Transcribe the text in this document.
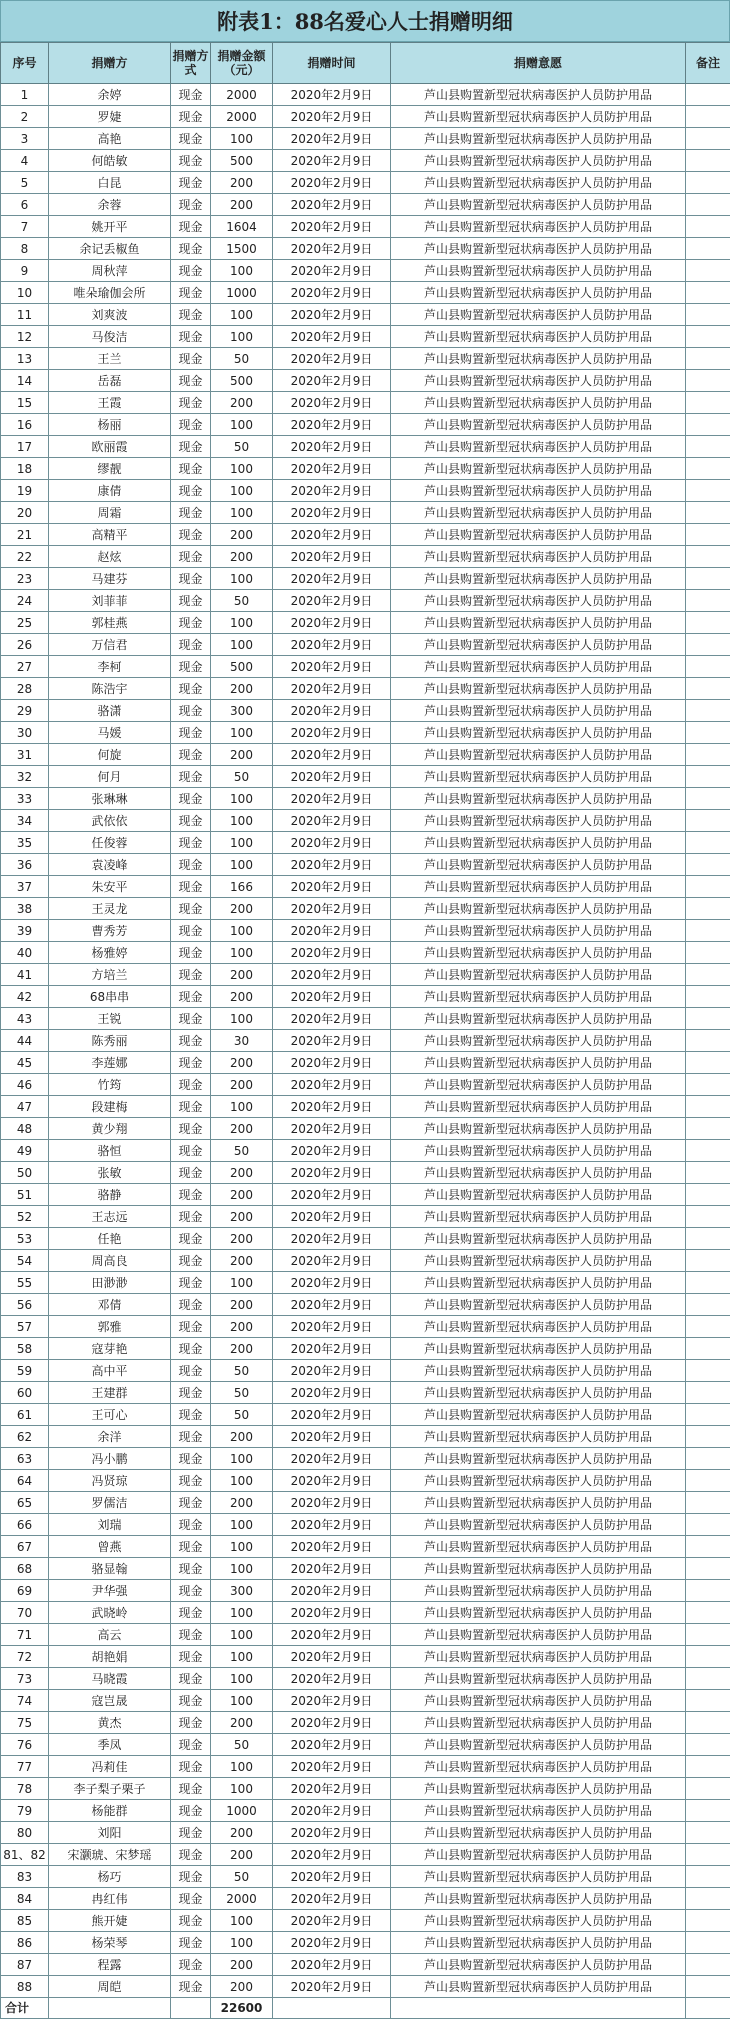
附表1：88名爱心人士捐赠明细
序号	捐赠方	捐赠方式	捐赠金额（元）	捐赠时间	捐赠意愿	备注
1	余婷	现金	2000	2020年2月9日	芦山县购置新型冠状病毒医护人员防护用品	
2	罗婕	现金	2000	2020年2月9日	芦山县购置新型冠状病毒医护人员防护用品	
3	高艳	现金	100	2020年2月9日	芦山县购置新型冠状病毒医护人员防护用品	
4	何皓敏	现金	500	2020年2月9日	芦山县购置新型冠状病毒医护人员防护用品	
5	白昆	现金	200	2020年2月9日	芦山县购置新型冠状病毒医护人员防护用品	
6	余蓉	现金	200	2020年2月9日	芦山县购置新型冠状病毒医护人员防护用品	
7	姚开平	现金	1604	2020年2月9日	芦山县购置新型冠状病毒医护人员防护用品	
8	余记丢椒鱼	现金	1500	2020年2月9日	芦山县购置新型冠状病毒医护人员防护用品	
9	周秋萍	现金	100	2020年2月9日	芦山县购置新型冠状病毒医护人员防护用品	
10	唯朵瑜伽会所	现金	1000	2020年2月9日	芦山县购置新型冠状病毒医护人员防护用品	
11	刘爽波	现金	100	2020年2月9日	芦山县购置新型冠状病毒医护人员防护用品	
12	马俊洁	现金	100	2020年2月9日	芦山县购置新型冠状病毒医护人员防护用品	
13	王兰	现金	50	2020年2月9日	芦山县购置新型冠状病毒医护人员防护用品	
14	岳磊	现金	500	2020年2月9日	芦山县购置新型冠状病毒医护人员防护用品	
15	王霞	现金	200	2020年2月9日	芦山县购置新型冠状病毒医护人员防护用品	
16	杨丽	现金	100	2020年2月9日	芦山县购置新型冠状病毒医护人员防护用品	
17	欧丽霞	现金	50	2020年2月9日	芦山县购置新型冠状病毒医护人员防护用品	
18	缪靓	现金	100	2020年2月9日	芦山县购置新型冠状病毒医护人员防护用品	
19	康倩	现金	100	2020年2月9日	芦山县购置新型冠状病毒医护人员防护用品	
20	周霜	现金	100	2020年2月9日	芦山县购置新型冠状病毒医护人员防护用品	
21	高精平	现金	200	2020年2月9日	芦山县购置新型冠状病毒医护人员防护用品	
22	赵炫	现金	200	2020年2月9日	芦山县购置新型冠状病毒医护人员防护用品	
23	马建芬	现金	100	2020年2月9日	芦山县购置新型冠状病毒医护人员防护用品	
24	刘菲菲	现金	50	2020年2月9日	芦山县购置新型冠状病毒医护人员防护用品	
25	郭桂燕	现金	100	2020年2月9日	芦山县购置新型冠状病毒医护人员防护用品	
26	万信君	现金	100	2020年2月9日	芦山县购置新型冠状病毒医护人员防护用品	
27	李柯	现金	500	2020年2月9日	芦山县购置新型冠状病毒医护人员防护用品	
28	陈浩宇	现金	200	2020年2月9日	芦山县购置新型冠状病毒医护人员防护用品	
29	骆潇	现金	300	2020年2月9日	芦山县购置新型冠状病毒医护人员防护用品	
30	马媛	现金	100	2020年2月9日	芦山县购置新型冠状病毒医护人员防护用品	
31	何旋	现金	200	2020年2月9日	芦山县购置新型冠状病毒医护人员防护用品	
32	何月	现金	50	2020年2月9日	芦山县购置新型冠状病毒医护人员防护用品	
33	张琳琳	现金	100	2020年2月9日	芦山县购置新型冠状病毒医护人员防护用品	
34	武依依	现金	100	2020年2月9日	芦山县购置新型冠状病毒医护人员防护用品	
35	任俊蓉	现金	100	2020年2月9日	芦山县购置新型冠状病毒医护人员防护用品	
36	袁凌峰	现金	100	2020年2月9日	芦山县购置新型冠状病毒医护人员防护用品	
37	朱安平	现金	166	2020年2月9日	芦山县购置新型冠状病毒医护人员防护用品	
38	王灵龙	现金	200	2020年2月9日	芦山县购置新型冠状病毒医护人员防护用品	
39	曹秀芳	现金	100	2020年2月9日	芦山县购置新型冠状病毒医护人员防护用品	
40	杨雅婷	现金	100	2020年2月9日	芦山县购置新型冠状病毒医护人员防护用品	
41	方培兰	现金	200	2020年2月9日	芦山县购置新型冠状病毒医护人员防护用品	
42	68串串	现金	200	2020年2月9日	芦山县购置新型冠状病毒医护人员防护用品	
43	王锐	现金	100	2020年2月9日	芦山县购置新型冠状病毒医护人员防护用品	
44	陈秀丽	现金	30	2020年2月9日	芦山县购置新型冠状病毒医护人员防护用品	
45	李莲娜	现金	200	2020年2月9日	芦山县购置新型冠状病毒医护人员防护用品	
46	竹筠	现金	200	2020年2月9日	芦山县购置新型冠状病毒医护人员防护用品	
47	段建梅	现金	100	2020年2月9日	芦山县购置新型冠状病毒医护人员防护用品	
48	黄少翔	现金	200	2020年2月9日	芦山县购置新型冠状病毒医护人员防护用品	
49	骆恒	现金	50	2020年2月9日	芦山县购置新型冠状病毒医护人员防护用品	
50	张敏	现金	200	2020年2月9日	芦山县购置新型冠状病毒医护人员防护用品	
51	骆静	现金	200	2020年2月9日	芦山县购置新型冠状病毒医护人员防护用品	
52	王志远	现金	200	2020年2月9日	芦山县购置新型冠状病毒医护人员防护用品	
53	任艳	现金	200	2020年2月9日	芦山县购置新型冠状病毒医护人员防护用品	
54	周高良	现金	200	2020年2月9日	芦山县购置新型冠状病毒医护人员防护用品	
55	田渺渺	现金	100	2020年2月9日	芦山县购置新型冠状病毒医护人员防护用品	
56	邓倩	现金	200	2020年2月9日	芦山县购置新型冠状病毒医护人员防护用品	
57	郭雅	现金	200	2020年2月9日	芦山县购置新型冠状病毒医护人员防护用品	
58	寇芽艳	现金	200	2020年2月9日	芦山县购置新型冠状病毒医护人员防护用品	
59	高中平	现金	50	2020年2月9日	芦山县购置新型冠状病毒医护人员防护用品	
60	王建群	现金	50	2020年2月9日	芦山县购置新型冠状病毒医护人员防护用品	
61	王可心	现金	50	2020年2月9日	芦山县购置新型冠状病毒医护人员防护用品	
62	余洋	现金	200	2020年2月9日	芦山县购置新型冠状病毒医护人员防护用品	
63	冯小鹏	现金	100	2020年2月9日	芦山县购置新型冠状病毒医护人员防护用品	
64	冯贤琼	现金	100	2020年2月9日	芦山县购置新型冠状病毒医护人员防护用品	
65	罗儒洁	现金	200	2020年2月9日	芦山县购置新型冠状病毒医护人员防护用品	
66	刘瑞	现金	100	2020年2月9日	芦山县购置新型冠状病毒医护人员防护用品	
67	曾燕	现金	100	2020年2月9日	芦山县购置新型冠状病毒医护人员防护用品	
68	骆显翰	现金	100	2020年2月9日	芦山县购置新型冠状病毒医护人员防护用品	
69	尹华强	现金	300	2020年2月9日	芦山县购置新型冠状病毒医护人员防护用品	
70	武晓岭	现金	100	2020年2月9日	芦山县购置新型冠状病毒医护人员防护用品	
71	高云	现金	100	2020年2月9日	芦山县购置新型冠状病毒医护人员防护用品	
72	胡艳娟	现金	100	2020年2月9日	芦山县购置新型冠状病毒医护人员防护用品	
73	马晓霞	现金	100	2020年2月9日	芦山县购置新型冠状病毒医护人员防护用品	
74	寇岂晟	现金	100	2020年2月9日	芦山县购置新型冠状病毒医护人员防护用品	
75	黄杰	现金	200	2020年2月9日	芦山县购置新型冠状病毒医护人员防护用品	
76	季凤	现金	50	2020年2月9日	芦山县购置新型冠状病毒医护人员防护用品	
77	冯莉佳	现金	100	2020年2月9日	芦山县购置新型冠状病毒医护人员防护用品	
78	李子梨子栗子	现金	100	2020年2月9日	芦山县购置新型冠状病毒医护人员防护用品	
79	杨能群	现金	1000	2020年2月9日	芦山县购置新型冠状病毒医护人员防护用品	
80	刘阳	现金	200	2020年2月9日	芦山县购置新型冠状病毒医护人员防护用品	
81、82	宋灏琥、宋梦瑶	现金	200	2020年2月9日	芦山县购置新型冠状病毒医护人员防护用品	
83	杨巧	现金	50	2020年2月9日	芦山县购置新型冠状病毒医护人员防护用品	
84	冉红伟	现金	2000	2020年2月9日	芦山县购置新型冠状病毒医护人员防护用品	
85	熊开婕	现金	100	2020年2月9日	芦山县购置新型冠状病毒医护人员防护用品	
86	杨荣琴	现金	100	2020年2月9日	芦山县购置新型冠状病毒医护人员防护用品	
87	程露	现金	200	2020年2月9日	芦山县购置新型冠状病毒医护人员防护用品	
88	周皑	现金	200	2020年2月9日	芦山县购置新型冠状病毒医护人员防护用品	
合计			22600			
